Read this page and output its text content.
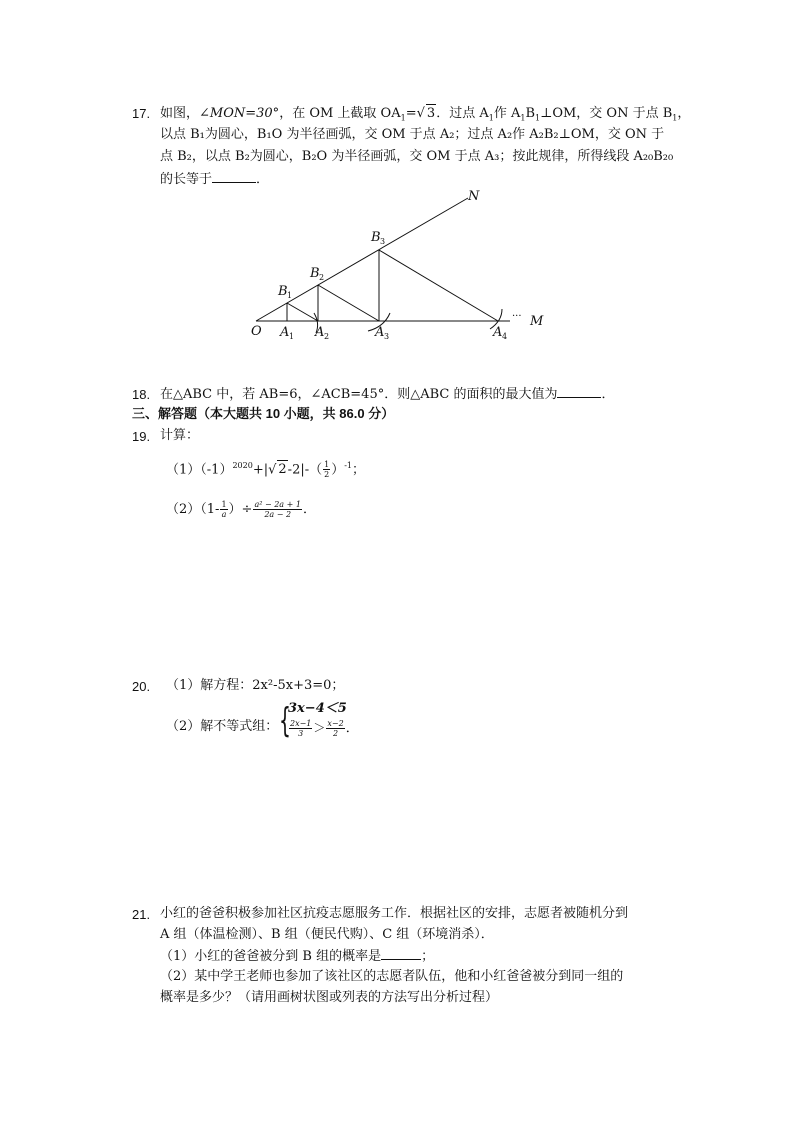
17. 如图，∠MON=30°，在 OM 上截取 $OA_1=√$ 3．过点 $A_1$作 $A_1B_1\perp OM$，交 ON 于点 $B_1$，
以点 B₁为圆心，B₁O 为半径画弧，交 OM 于点 A₂；过点 A₂作 A₂B₂⊥OM，交 ON 于
点 B₂，以点 B₂为圆心，B₂O 为半径画弧，交 OM 于点 A₃；按此规律，所得线段 A₂₀B₂₀
的长等于	．
N
M
···
O A 1 A 2	A 3	A 4
B 1
B 2
B 3
18. 在△ABC 中，若 AB=6，∠ACB=45°．则△ABC 的面积的最大值为	．
三、解答题（本大题共 10 小题，共 86.0 分）
19. 计算：
$(1)(-1)^{2020}+|√$ $2-2|-( \frac{1}{2} )^{-1}$；
$(2)(1- \frac{1}{a}$ ）÷ $\frac{\text{a² − 2a + 1}}{2a - 2}$ ．
20. （1）解方程：2x²-5x+3=0；
（2）解不等式组： {
3x−4＜5
$\frac{2x-1}{3} > \frac{x-2}{2}$ ．
21. 小红的爸爸积极参加社区抗疫志愿服务工作．根据社区的安排，志愿者被随机分到
A 组（体温检测）、B 组（便民代购）、C 组（环境消杀）．
（1）小红的爸爸被分到 B 组的概率是	；
（2）某中学王老师也参加了该社区的志愿者队伍，他和小红爸爸被分到同一组的
概率是多少？（请用画树状图或列表的方法写出分析过程）
